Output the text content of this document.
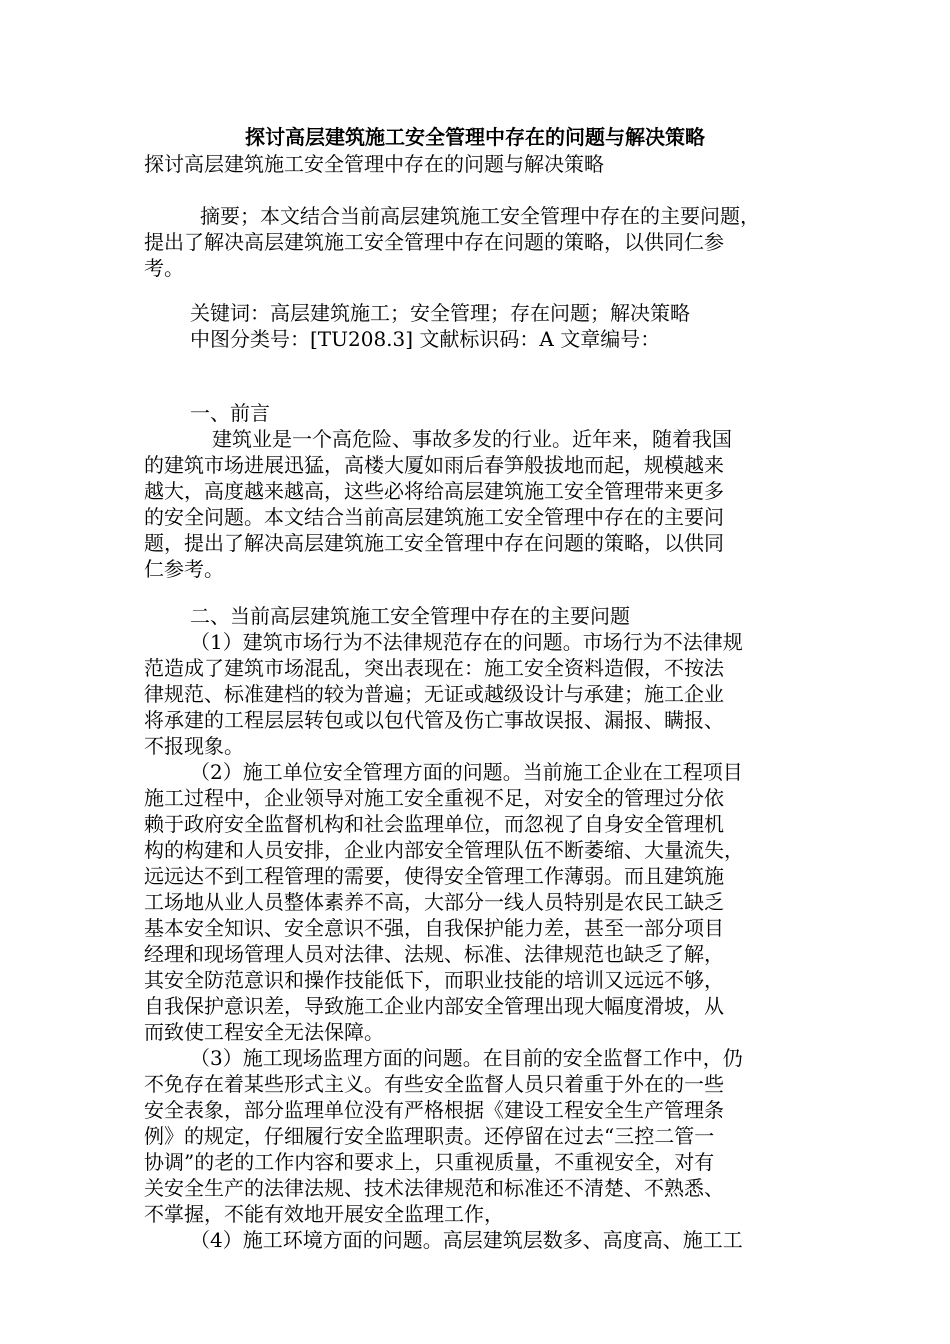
探讨高层建筑施工安全管理中存在的问题与解决策略
探讨高层建筑施工安全管理中存在的问题与解决策略
摘要；本文结合当前高层建筑施工安全管理中存在的主要问题，
提出了解决高层建筑施工安全管理中存在问题的策略，以供同仁参
考。
关键词：高层建筑施工；安全管理；存在问题；解决策略
中图分类号：[TU208.3] 文献标识码：A 文章编号：
一、前言
建筑业是一个高危险、事故多发的行业。近年来，随着我国
的建筑市场进展迅猛，高楼大厦如雨后春笋般拔地而起，规模越来
越大，高度越来越高，这些必将给高层建筑施工安全管理带来更多
的安全问题。本文结合当前高层建筑施工安全管理中存在的主要问
题，提出了解决高层建筑施工安全管理中存在问题的策略，以供同
仁参考。
二、当前高层建筑施工安全管理中存在的主要问题
（1）建筑市场行为不法律规范存在的问题。市场行为不法律规
范造成了建筑市场混乱，突出表现在：施工安全资料造假，不按法
律规范、标准建档的较为普遍；无证或越级设计与承建；施工企业
将承建的工程层层转包或以包代管及伤亡事故误报、漏报、瞒报、
不报现象。
（2）施工单位安全管理方面的问题。当前施工企业在工程项目
施工过程中，企业领导对施工安全重视不足，对安全的管理过分依
赖于政府安全监督机构和社会监理单位，而忽视了自身安全管理机
构的构建和人员安排，企业内部安全管理队伍不断萎缩、大量流失，
远远达不到工程管理的需要，使得安全管理工作薄弱。而且建筑施
工场地从业人员整体素养不高，大部分一线人员特别是农民工缺乏
基本安全知识、安全意识不强，自我保护能力差，甚至一部分项目
经理和现场管理人员对法律、法规、标准、法律规范也缺乏了解，
其安全防范意识和操作技能低下，而职业技能的培训又远远不够，
自我保护意识差，导致施工企业内部安全管理出现大幅度滑坡，从
而致使工程安全无法保障。
（3）施工现场监理方面的问题。在目前的安全监督工作中，仍
不免存在着某些形式主义。有些安全监督人员只着重于外在的一些
安全表象，部分监理单位没有严格根据《建设工程安全生产管理条
例》的规定，仔细履行安全监理职责。还停留在过去“三控二管一
协调”的老的工作内容和要求上，只重视质量，不重视安全，对有
关安全生产的法律法规、技术法律规范和标准还不清楚、不熟悉、
不掌握，不能有效地开展安全监理工作，
（4）施工环境方面的问题。高层建筑层数多、高度高、施工工
